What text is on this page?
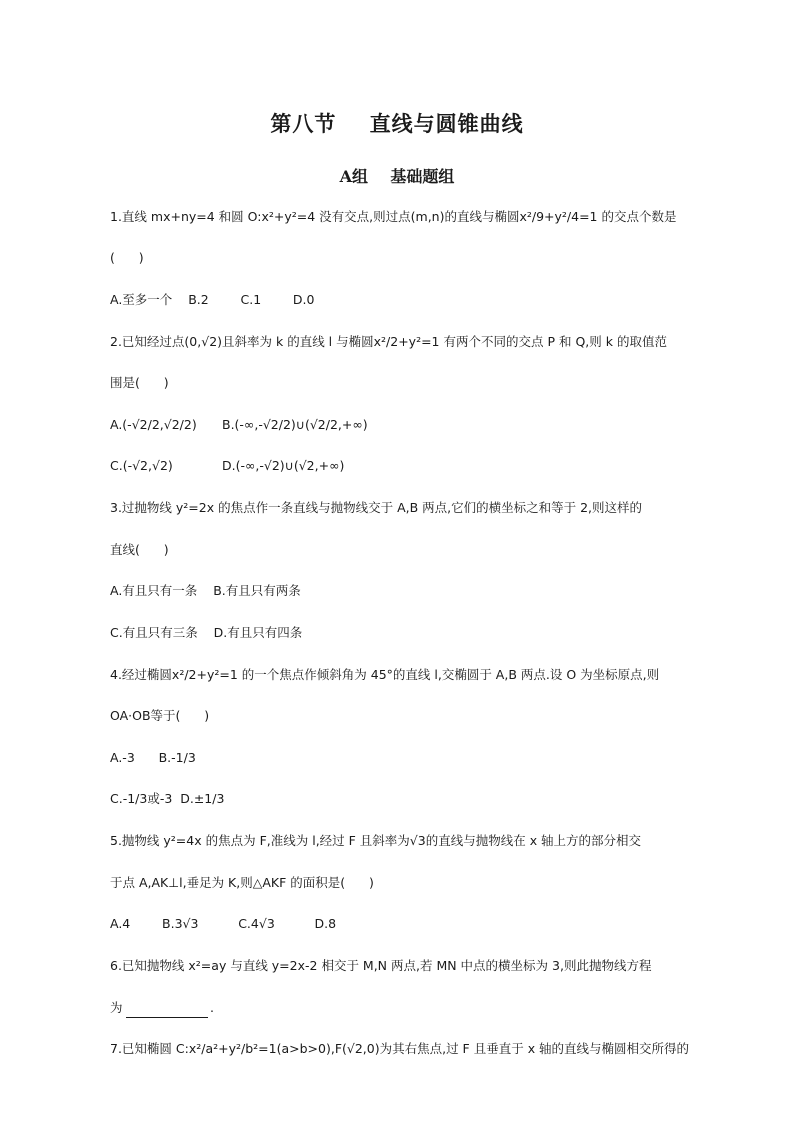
第八节    直线与圆锥曲线
A组    基础题组
1.直线 mx+ny=4 和圆 O:x²+y²=4 没有交点,则过点(m,n)的直线与椭圆x²/9+y²/4=1 的交点个数是
(      )
A.至多一个    B.2        C.1        D.0
2.已知经过点(0,√2)且斜率为 k 的直线 l 与椭圆x²/2+y²=1 有两个不同的交点 P 和 Q,则 k 的取值范
围是(      )
A.(-√2/2,√2/2) B.(-∞,-√2/2)∪(√2/2,+∞)
C.(-√2,√2)	D.(-∞,-√2)∪(√2,+∞)
3.过抛物线 y²=2x 的焦点作一条直线与抛物线交于 A,B 两点,它们的横坐标之和等于 2,则这样的
直线(      )
A.有且只有一条    B.有且只有两条
C.有且只有三条    D.有且只有四条
4.经过椭圆x²/2+y²=1 的一个焦点作倾斜角为 45°的直线 l,交椭圆于 A,B 两点.设 O 为坐标原点,则
OA·OB等于(      )
A.-3      B.-1/3
C.-1/3或-3  D.±1/3
5.抛物线 y²=4x 的焦点为 F,准线为 l,经过 F 且斜率为√3的直线与抛物线在 x 轴上方的部分相交
于点 A,AK⊥l,垂足为 K,则△AKF 的面积是(      )
A.4        B.3√3          C.4√3          D.8
6.已知抛物线 x²=ay 与直线 y=2x-2 相交于 M,N 两点,若 MN 中点的横坐标为 3,则此抛物线方程
为	.
7.已知椭圆 C:x²/a²+y²/b²=1(a>b>0),F(√2,0)为其右焦点,过 F 且垂直于 x 轴的直线与椭圆相交所得的
